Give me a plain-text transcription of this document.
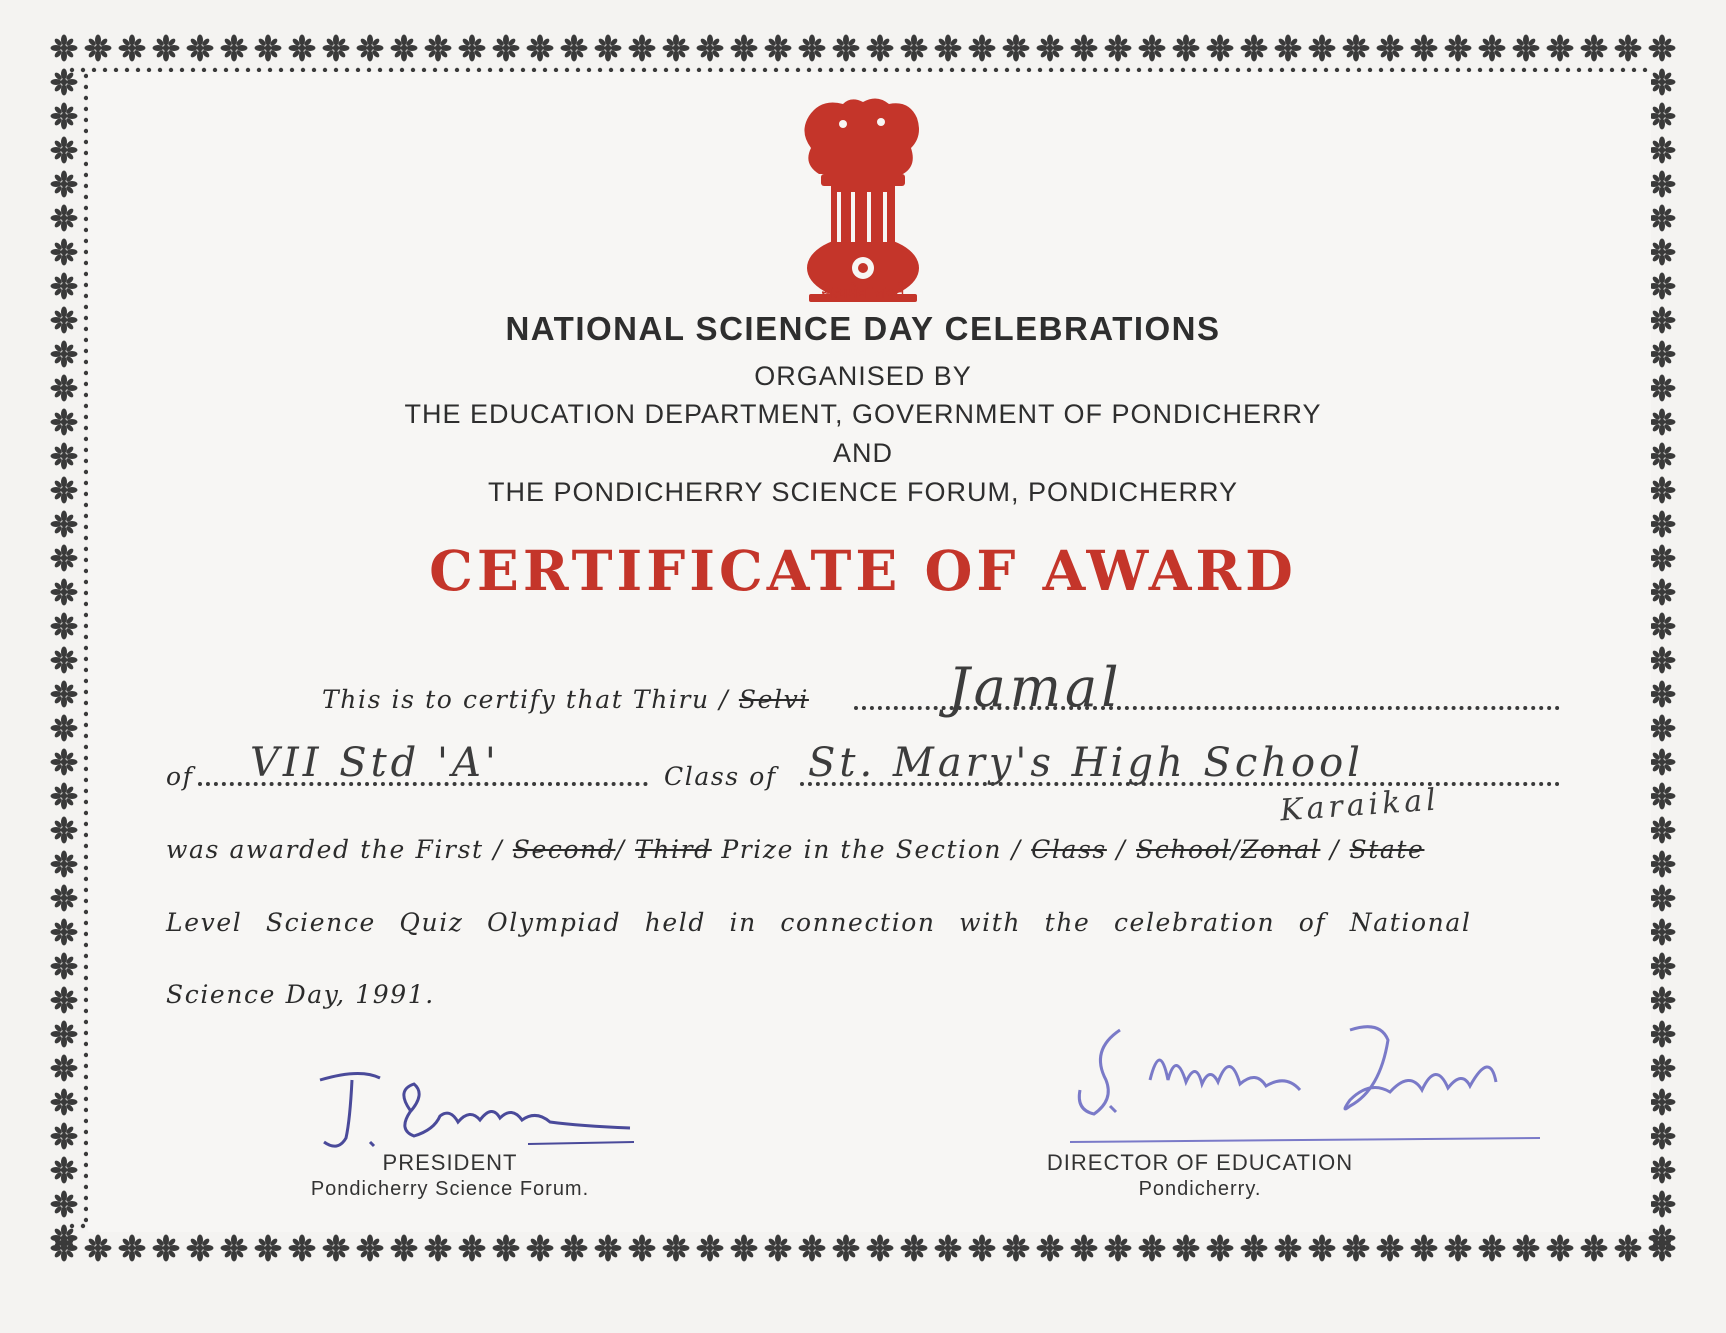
सत्यमेव जयते
NATIONAL SCIENCE DAY CELEBRATIONS
ORGANISED BY
THE EDUCATION DEPARTMENT, GOVERNMENT OF PONDICHERRY
AND
THE PONDICHERRY SCIENCE FORUM, PONDICHERRY
CERTIFICATE OF AWARD
This is to certify that Thiru / Selvi	Jamal
of VII Std 'A'	Class of St. Mary's High School
Karaikal
was awarded the First / Second/ Third Prize in the Section / Class / School/Zonal / State
Level Science Quiz Olympiad held in connection with the celebration of National
Science Day, 1991.
PRESIDENT
Pondicherry Science Forum.
DIRECTOR OF EDUCATION
Pondicherry.
